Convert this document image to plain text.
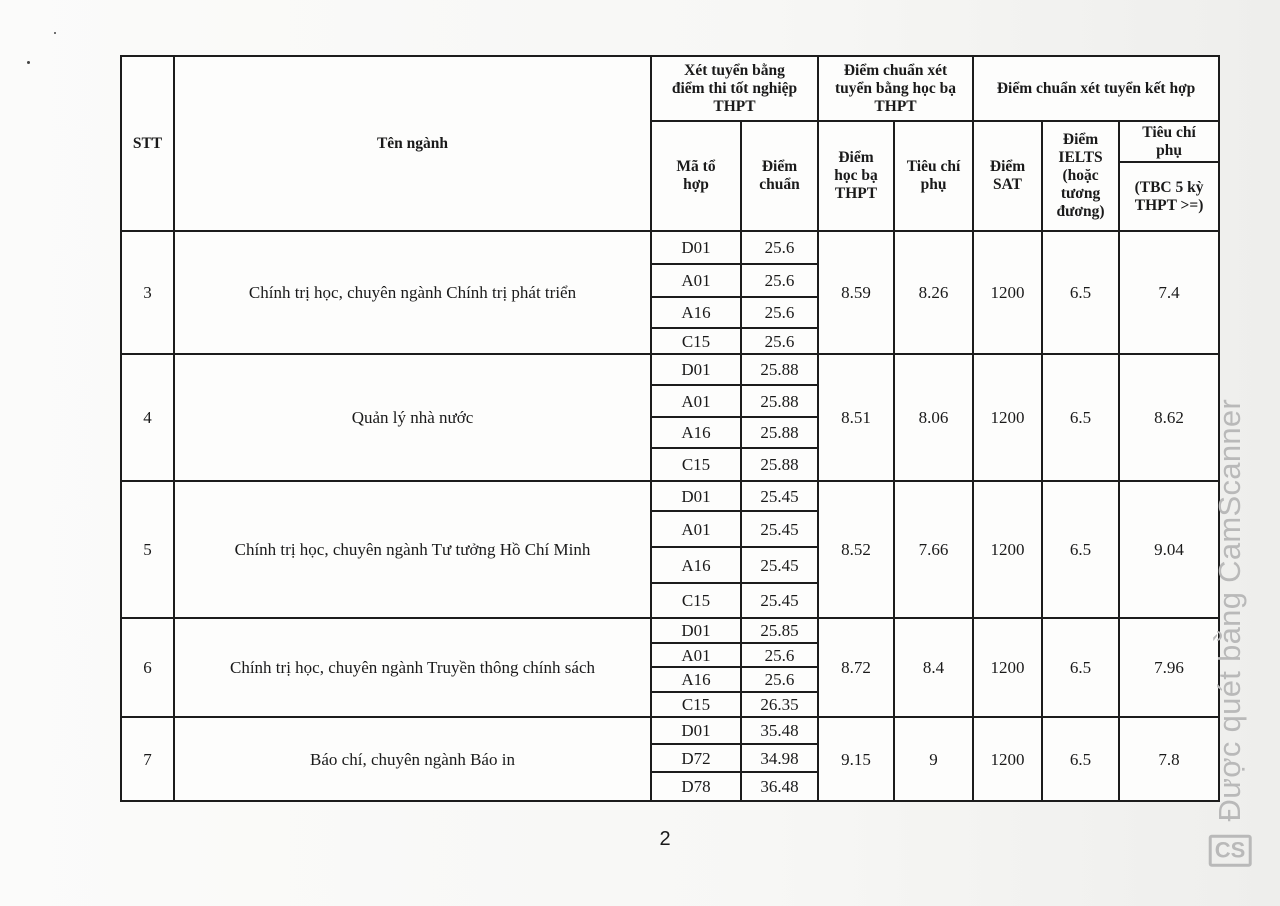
STT	Tên ngành	Xét tuyển bằng điểm thi tốt nghiệp THPT		Điểm chuẩn xét tuyển bằng học bạ THPT		Điểm chuẩn xét tuyển kết hợp		
		Mã tổ hợp	Điểm chuẩn	Điểm học bạ THPT	Tiêu chí phụ	Điểm SAT	Điểm IELTS (hoặc tương đương)	Tiêu chí phụ
								(TBC 5 kỳ THPT >=)
3	Chính trị học, chuyên ngành Chính trị phát triển	D01	25.6	8.59	8.26	1200	6.5	7.4
		A01	25.6					
		A16	25.6					
		C15	25.6					
4	Quản lý nhà nước	D01	25.88	8.51	8.06	1200	6.5	8.62
		A01	25.88					
		A16	25.88					
		C15	25.88					
5	Chính trị học, chuyên ngành Tư tưởng Hồ Chí Minh	D01	25.45	8.52	7.66	1200	6.5	9.04
		A01	25.45					
		A16	25.45					
		C15	25.45					
6	Chính trị học, chuyên ngành Truyền thông chính sách	D01	25.85	8.72	8.4	1200	6.5	7.96
		A01	25.6					
		A16	25.6					
		C15	26.35					
7	Báo chí, chuyên ngành Báo in	D01	35.48	9.15	9	1200	6.5	7.8
		D72	34.98					
		D78	36.48					
2	CS
Được quét bằng CamScanner
